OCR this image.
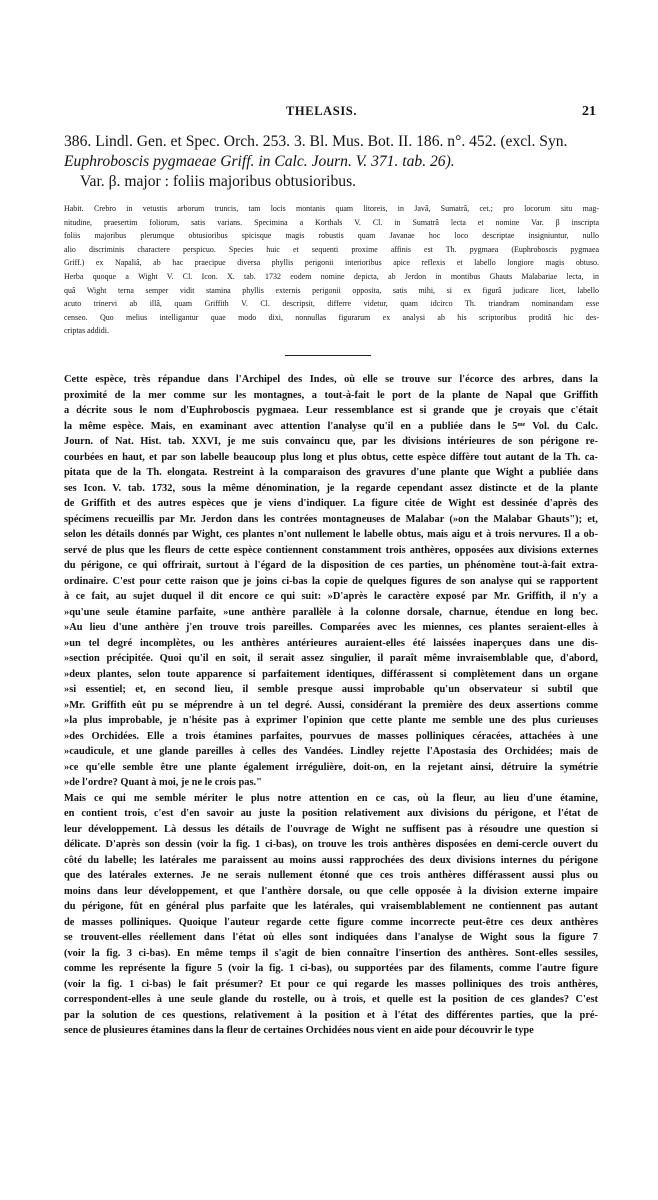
THELASIS.	21
386. Lindl. Gen. et Spec. Orch. 253. 3. Bl. Mus. Bot. II. 186. n°. 452. (excl. Syn.
Euphroboscis pygmaeae Griff. in Calc. Journ. V. 371. tab. 26).
Var. β. major : foliis majoribus obtusioribus.
Habit. Crebro in vetustis arborum truncis, tam locis montanis quam litoreis, in Javâ, Sumatrâ, cet.; pro locorum situ mag-
nitudine, praesertim foliorum, satis varians. Specimina a Korthals V. Cl. in Sumatrâ lecta et nomine Var. β inscripta
foliis majoribus plerumque obtusioribus spicisque magis robustis quam Javanae hoc loco descriptae insigniuntur, nullo
alio discriminis charactere perspicuo. Species huic et sequenti proxime affinis est Th. pygmaea (Euphroboscis pygmaea
Griff.) ex Napaliâ, ab hac praecipue diversa phyllis perigonii interioribus apice reflexis et labello longiore magis obtuso.
Herba quoque a Wight V. Cl. Icon. X. tab. 1732 eodem nomine depicta, ab Jerdon in montibus Ghauts Malabariae lecta, in
quâ Wight terna semper vidit stamina phyllis externis perigonii opposita, satis mihi, si ex figurâ judicare licet, labello
acuto trinervi ab illâ, quam Griffith V. Cl. descripsit, differre videtur, quam idcirco Th. triandram nominandam esse
censeo. Quo melius intelligantur quae modo dixi, nonnullas figurarum ex analysi ab his scriptoribus proditâ hic des-
criptas addidi.
Cette espèce, très répandue dans l'Archipel des Indes, où elle se trouve sur l'écorce des arbres, dans la
proximité de la mer comme sur les montagnes, a tout-à-fait le port de la plante de Napal que Griffith
a décrite sous le nom d'Euphroboscis pygmaea. Leur ressemblance est si grande que je croyais que c'était
la même espèce. Mais, en examinant avec attention l'analyse qu'il en a publiée dans le 5ᵐᵉ Vol. du Calc.
Journ. of Nat. Hist. tab. XXVI, je me suis convaincu que, par les divisions intérieures de son périgone re-
courbées en haut, et par son labelle beaucoup plus long et plus obtus, cette espèce diffère tout autant de la Th. ca-
pitata que de la Th. elongata. Restreint à la comparaison des gravures d'une plante que Wight a publiée dans
ses Icon. V. tab. 1732, sous la même dénomination, je la regarde cependant assez distincte et de la plante
de Griffith et des autres espèces que je viens d'indiquer. La figure citée de Wight est dessinée d'après des
spécimens recueillis par Mr. Jerdon dans les contrées montagneuses de Malabar (»on the Malabar Ghauts"); et,
selon les détails donnés par Wight, ces plantes n'ont nullement le labelle obtus, mais aigu et à trois nervures. Il a ob-
servé de plus que les fleurs de cette espèce contiennent constamment trois anthères, opposées aux divisions externes
du périgone, ce qui offrirait, surtout à l'égard de la disposition de ces parties, un phénomène tout-à-fait extra-
ordinaire. C'est pour cette raison que je joins ci-bas la copie de quelques figures de son analyse qui se rapportent
à ce fait, au sujet duquel il dit encore ce qui suit: »D'après le caractère exposé par Mr. Griffith, il n'y a
»qu'une seule étamine parfaite, »une anthère parallèle à la colonne dorsale, charnue, étendue en long bec.
»Au lieu d'une anthère j'en trouve trois pareilles. Comparées avec les miennes, ces plantes seraient-elles à
»un tel degré incomplètes, ou les anthères antérieures auraient-elles été laissées inaperçues dans une dis-
»section précipitée. Quoi qu'il en soit, il serait assez singulier, il paraît même invraisemblable que, d'abord,
»deux plantes, selon toute apparence si parfaitement identiques, différassent si complètement dans un organe
»si essentiel; et, en second lieu, il semble presque aussi improbable qu'un observateur si subtil que
»Mr. Griffith eût pu se méprendre à un tel degré. Aussi, considérant la première des deux assertions comme
»la plus improbable, je n'hésite pas à exprimer l'opinion que cette plante me semble une des plus curieuses
»des Orchidées. Elle a trois étamines parfaites, pourvues de masses polliniques céracées, attachées à une
»caudicule, et une glande pareilles à celles des Vandées. Lindley rejette l'Apostasia des Orchidées; mais de
»ce qu'elle semble être une plante également irrégulière, doit-on, en la rejetant ainsi, détruire la symétrie
»de l'ordre? Quant à moi, je ne le crois pas."
Mais ce qui me semble mériter le plus notre attention en ce cas, où la fleur, au lieu d'une étamine,
en contient trois, c'est d'en savoir au juste la position relativement aux divisions du périgone, et l'état de
leur développement. Là dessus les détails de l'ouvrage de Wight ne suffisent pas à résoudre une question si
délicate. D'après son dessin (voir la fig. 1 ci-bas), on trouve les trois anthères disposées en demi-cercle ouvert du
côté du labelle; les latérales me paraissent au moins aussi rapprochées des deux divisions internes du périgone
que des latérales externes. Je ne serais nullement étonné que ces trois anthères différassent aussi plus ou
moins dans leur développement, et que l'anthère dorsale, ou que celle opposée à la division externe impaire
du périgone, fût en général plus parfaite que les latérales, qui vraisemblablement ne contiennent pas autant
de masses polliniques. Quoique l'auteur regarde cette figure comme incorrecte peut-être ces deux anthères
se trouvent-elles réellement dans l'état où elles sont indiquées dans l'analyse de Wight sous la figure 7
(voir la fig. 3 ci-bas). En même temps il s'agit de bien connaître l'insertion des anthères. Sont-elles sessiles,
comme les représente la figure 5 (voir la fig. 1 ci-bas), ou supportées par des filaments, comme l'autre figure
(voir la fig. 1 ci-bas) le fait présumer? Et pour ce qui regarde les masses polliniques des trois anthères,
correspondent-elles à une seule glande du rostelle, ou à trois, et quelle est la position de ces glandes? C'est
par la solution de ces questions, relativement à la position et à l'état des différentes parties, que la pré-
sence de plusieures étamines dans la fleur de certaines Orchidées nous vient en aide pour découvrir le type
